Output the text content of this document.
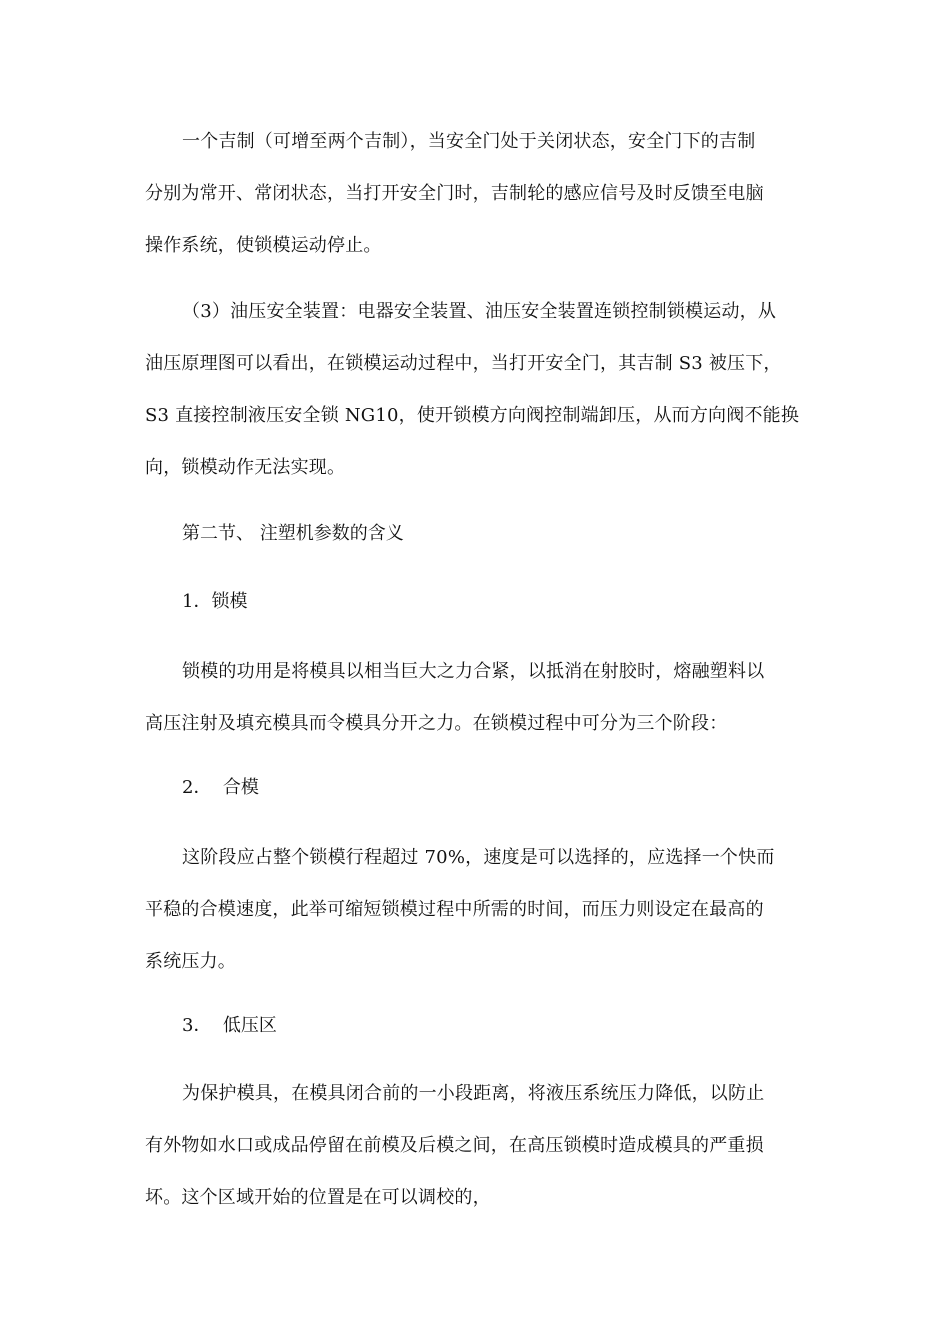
一个吉制（可增至两个吉制），当安全门处于关闭状态，安全门下的吉制
分别为常开、常闭状态，当打开安全门时，吉制轮的感应信号及时反馈至电脑
操作系统，使锁模运动停止。
（3）油压安全装置：电器安全装置、油压安全装置连锁控制锁模运动，从
油压原理图可以看出，在锁模运动过程中，当打开安全门，其吉制 S3 被压下，
S3 直接控制液压安全锁 NG10，使开锁模方向阀控制端卸压，从而方向阀不能换
向，锁模动作无法实现。
第二节、 注塑机参数的含义
1．锁模
锁模的功用是将模具以相当巨大之力合紧，以抵消在射胶时，熔融塑料以
高压注射及填充模具而令模具分开之力。在锁模过程中可分为三个阶段：
2．  合模
这阶段应占整个锁模行程超过 70%，速度是可以选择的，应选择一个快而
平稳的合模速度，此举可缩短锁模过程中所需的时间，而压力则设定在最高的
系统压力。
3．  低压区
为保护模具，在模具闭合前的一小段距离，将液压系统压力降低，以防止
有外物如水口或成品停留在前模及后模之间，在高压锁模时造成模具的严重损
坏。这个区域开始的位置是在可以调校的，
